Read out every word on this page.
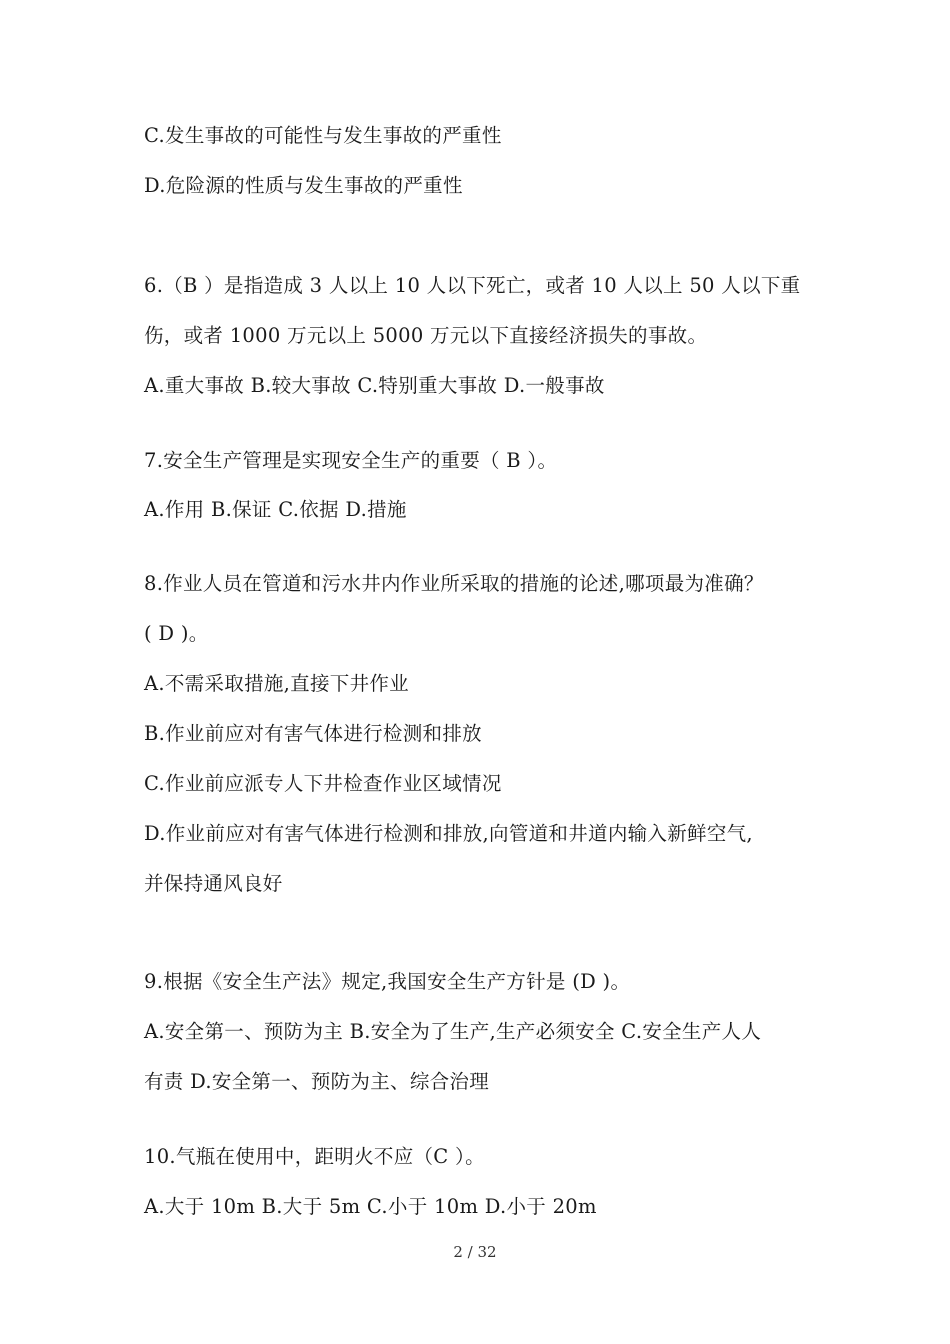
C.发生事故的可能性与发生事故的严重性
D.危险源的性质与发生事故的严重性
6.（B ）是指造成 3 人以上 10 人以下死亡，或者 10 人以上 50 人以下重
伤，或者 1000 万元以上 5000 万元以下直接经济损失的事故。
A.重大事故 B.较大事故 C.特别重大事故 D.一般事故
7.安全生产管理是实现安全生产的重要（ B ）。
A.作用 B.保证 C.依据 D.措施
8.作业人员在管道和污水井内作业所采取的措施的论述,哪项最为准确？
( D )。
A.不需采取措施,直接下井作业
B.作业前应对有害气体进行检测和排放
C.作业前应派专人下井检查作业区域情况
D.作业前应对有害气体进行检测和排放,向管道和井道内输入新鲜空气,
并保持通风良好
9.根据《安全生产法》规定,我国安全生产方针是 (D )。
A.安全第一、预防为主 B.安全为了生产,生产必须安全 C.安全生产人人
有责 D.安全第一、预防为主、综合治理
10.气瓶在使用中，距明火不应（C ）。
A.大于 10m B.大于 5m C.小于 10m D.小于 20m
2 / 32
